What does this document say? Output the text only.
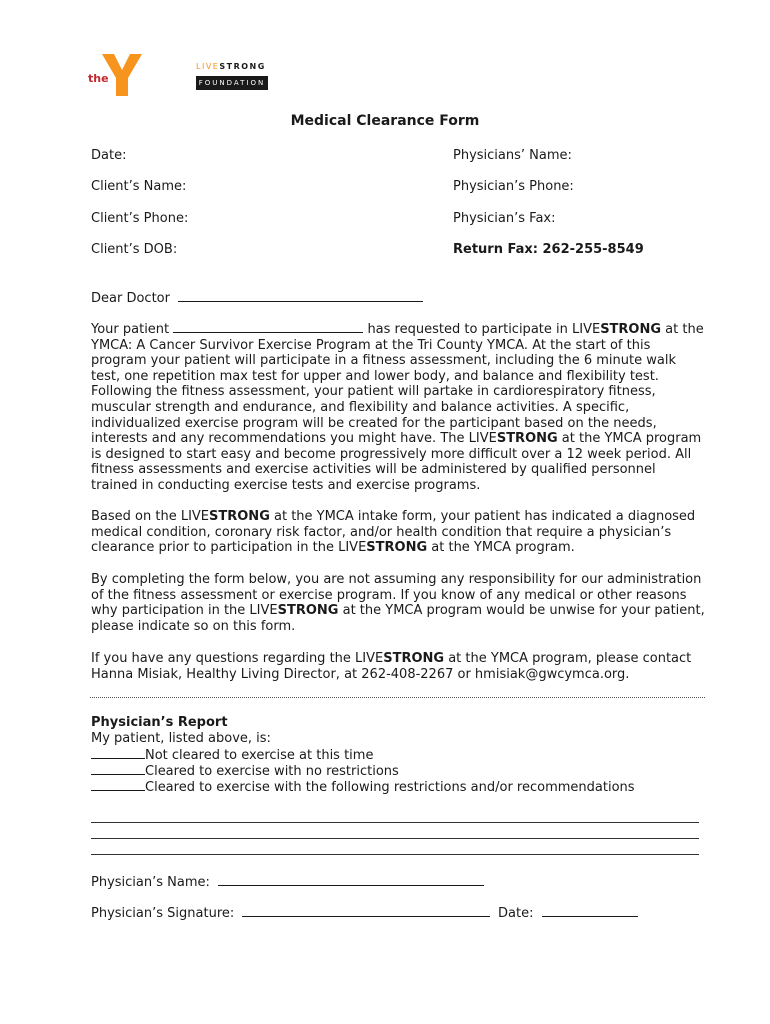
the
LIVESTRONG
FOUNDATION
Medical Clearance Form
Date:
Client’s Name:
Client’s Phone:
Client’s DOB:
Physicians’ Name:
Physician’s Phone:
Physician’s Fax:
Return Fax: 262-255-8549
Dear Doctor
Your patient	has requested to participate in LIVESTRONG at the YMCA: A Cancer Survivor Exercise Program at the Tri County YMCA. At the start of this program your patient will participate in a fitness assessment, including the 6 minute walk test, one repetition max test for upper and lower body, and balance and flexibility test. Following the fitness assessment, your patient will partake in cardiorespiratory fitness, muscular strength and endurance, and flexibility and balance activities. A specific, individualized exercise program will be created for the participant based on the needs, interests and any recommendations you might have. The LIVESTRONG at the YMCA program is designed to start easy and become progressively more difficult over a 12 week period. All fitness assessments and exercise activities will be administered by qualified personnel trained in conducting exercise tests and exercise programs.
Based on the LIVESTRONG at the YMCA intake form, your patient has indicated a diagnosed medical condition, coronary risk factor, and/or health condition that require a physician’s clearance prior to participation in the LIVESTRONG at the YMCA program.
By completing the form below, you are not assuming any responsibility for our administration of the fitness assessment or exercise program. If you know of any medical or other reasons why participation in the LIVESTRONG at the YMCA program would be unwise for your patient, please indicate so on this form.
If you have any questions regarding the LIVESTRONG at the YMCA program, please contact Hanna Misiak, Healthy Living Director, at 262-408-2267 or hmisiak@gwcymca.org.
Physician’s Report
My patient, listed above, is:
Not cleared to exercise at this time
Cleared to exercise with no restrictions
Cleared to exercise with the following restrictions and/or recommendations
Physician’s Name:
Physician’s Signature:	Date:
